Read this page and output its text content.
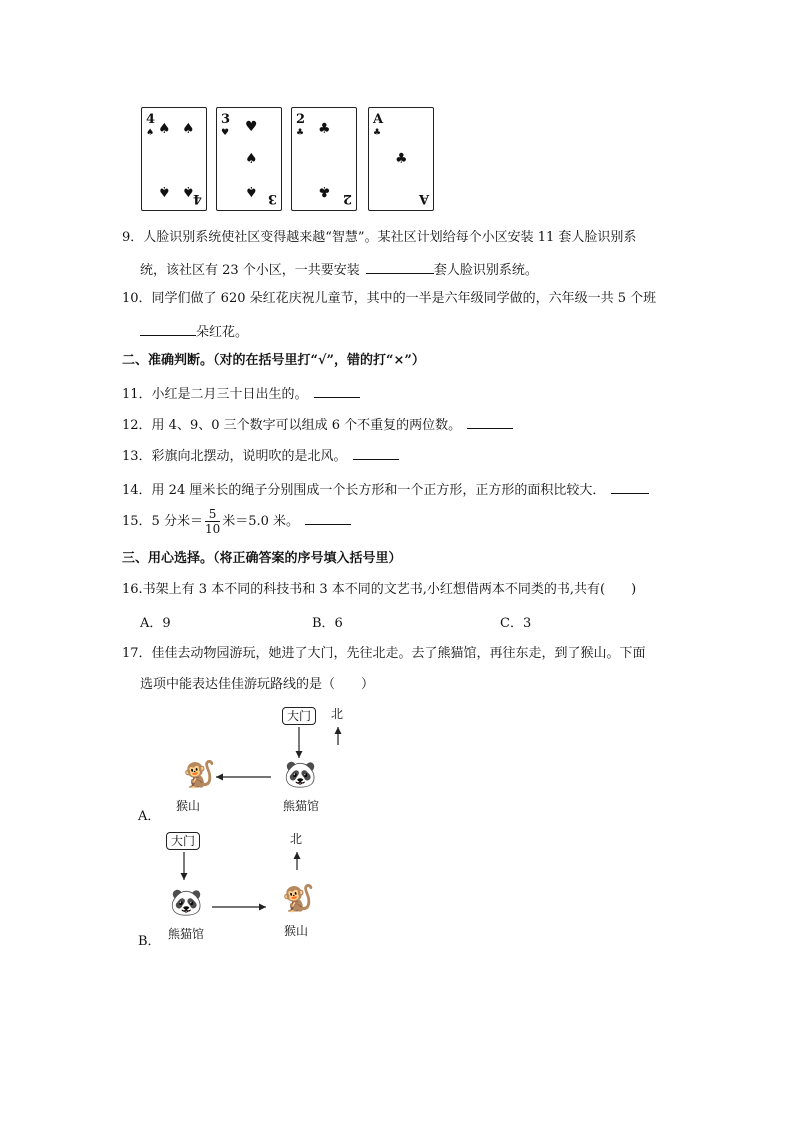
4
♠ ♠ ♠
♠ ♠
4
3
♥ ♥
♠
♠ 3
2
♣ ♣
♣ 2
A
♣
♣
A
9．人脸识别系统使社区变得越来越“智慧”。某社区计划给每个小区安装 11 套人脸识别系
统，该社区有 23 个小区，一共要安装	套人脸识别系统。
10．同学们做了 620 朵红花庆祝儿童节，其中的一半是六年级同学做的，六年级一共 5 个班
朵红花。
二、准确判断。（对的在括号里打“√”，错的打“×”）
11．小红是二月三十日出生的。
12．用 4、9、0 三个数字可以组成 6 个不重复的两位数。
13．彩旗向北摆动，说明吹的是北风。
14．用 24 厘米长的绳子分别围成一个长方形和一个正方形，正方形的面积比较大．
15．5 分米＝ $\frac{5}{10}$ 米＝5.0 米。
三、用心选择。（将正确答案的序号填入括号里）
16.书架上有 3 本不同的科技书和 3 本不同的文艺书,小红想借两本不同类的书,共有(　　)
A．9	B．6	C．3
17．佳佳去动物园游玩，她进了大门，先往北走。去了熊猫馆，再往东走，到了猴山。下面
选项中能表达佳佳游玩路线的是（　　）
大门	北
🐼
🐒
熊猫馆
猴山
A．
大门	北
🐼	🐒
熊猫馆	猴山
B．
